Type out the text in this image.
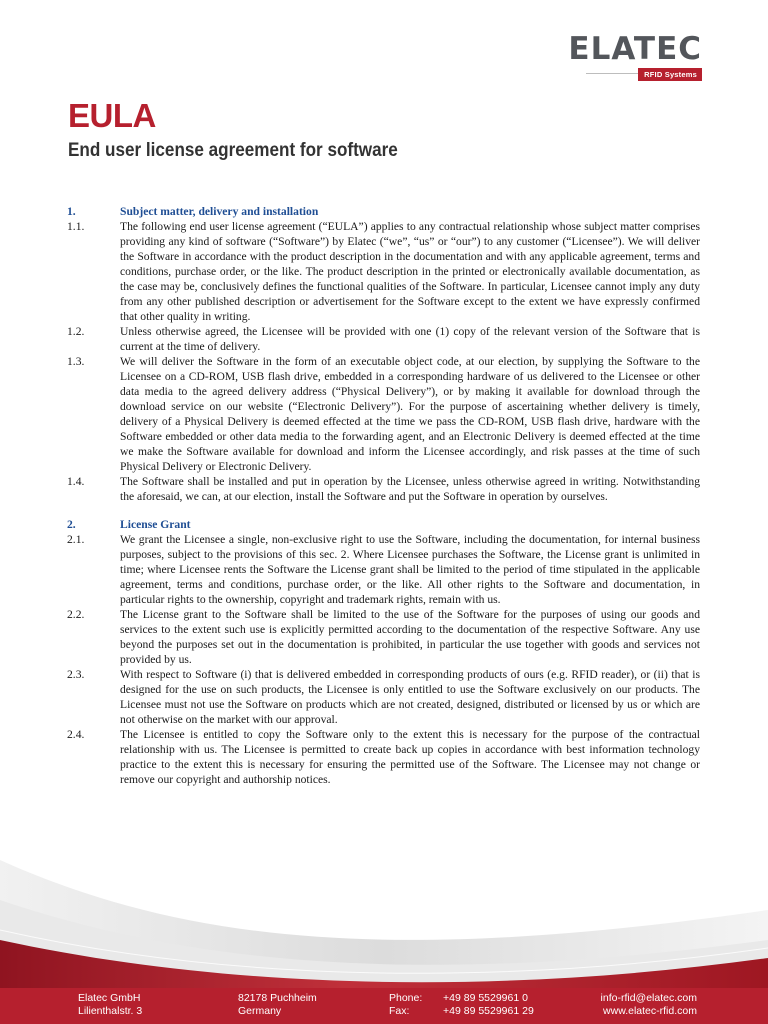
ELATEC
RFID Systems
EULA
End user license agreement for software
1.	Subject matter, delivery and installation
1.1.	The following end user license agreement (“EULA”) applies to any contractual relationship whose subject matter comprises providing any kind of software (“Software”) by Elatec (“we”, “us” or “our”) to any customer (“Licensee”). We will deliver the Software in accordance with the product description in the documentation and with any applicable agreement, terms and conditions, purchase order, or the like. The product description in the printed or electronically available documentation, as the case may be, conclusively defines the functional qualities of the Software. In particular, Licensee cannot imply any duty from any other published description or advertisement for the Software except to the extent we have expressly confirmed that other quality in writing.
1.2.	Unless otherwise agreed, the Licensee will be provided with one (1) copy of the relevant version of the Software that is current at the time of delivery.
1.3.	We will deliver the Software in the form of an executable object code, at our election, by supplying the Software to the Licensee on a CD-ROM, USB flash drive, embedded in a corresponding hardware of us delivered to the Licensee or other data media to the agreed delivery address (“Physical Delivery”), or by making it available for download through the download service on our website (“Electronic Delivery”). For the purpose of ascertaining whether delivery is timely, delivery of a Physical Delivery is deemed effected at the time we pass the CD-ROM, USB flash drive, hardware with the Software embedded or other data media to the forwarding agent, and an Electronic Delivery is deemed effected at the time we make the Software available for download and inform the Licensee accordingly, and risk passes at the time of such Physical Delivery or Electronic Delivery.
1.4.	The Software shall be installed and put in operation by the Licensee, unless otherwise agreed in writing. Notwithstanding the aforesaid, we can, at our election, install the Software and put the Software in operation by ourselves.
2.	License Grant
2.1.	We grant the Licensee a single, non-exclusive right to use the Software, including the documentation, for internal business purposes, subject to the provisions of this sec. 2. Where Licensee purchases the Software, the License grant is unlimited in time; where Licensee rents the Software the License grant shall be limited to the period of time stipulated in the applicable agreement, terms and conditions, purchase order, or the like. All other rights to the Software and documentation, in particular rights to the ownership, copyright and trademark rights, remain with us.
2.2.	The License grant to the Software shall be limited to the use of the Software for the purposes of using our goods and services to the extent such use is explicitly permitted according to the documentation of the respective Software. Any use beyond the purposes set out in the documentation is prohibited, in particular the use together with goods and services not provided by us.
2.3.	With respect to Software (i) that is delivered embedded in corresponding products of ours (e.g. RFID reader), or (ii) that is designed for the use on such products, the Licensee is only entitled to use the Software exclusively on our products. The Licensee must not use the Software on products which are not created, designed, distributed or licensed by us or which are not otherwise on the market with our approval.
2.4.	The Licensee is entitled to copy the Software only to the extent this is necessary for the purpose of the contractual relationship with us. The Licensee is permitted to create back up copies in accordance with best information technology practice to the extent this is necessary for ensuring the permitted use of the Software. The Licensee may not change or remove our copyright and authorship notices.
Elatec GmbH
Lilienthalstr. 3
82178 Puchheim
Germany
Phone:	+49 89 5529961 0
Fax:	+49 89 5529961 29
info-rfid@elatec.com
www.elatec-rfid.com
